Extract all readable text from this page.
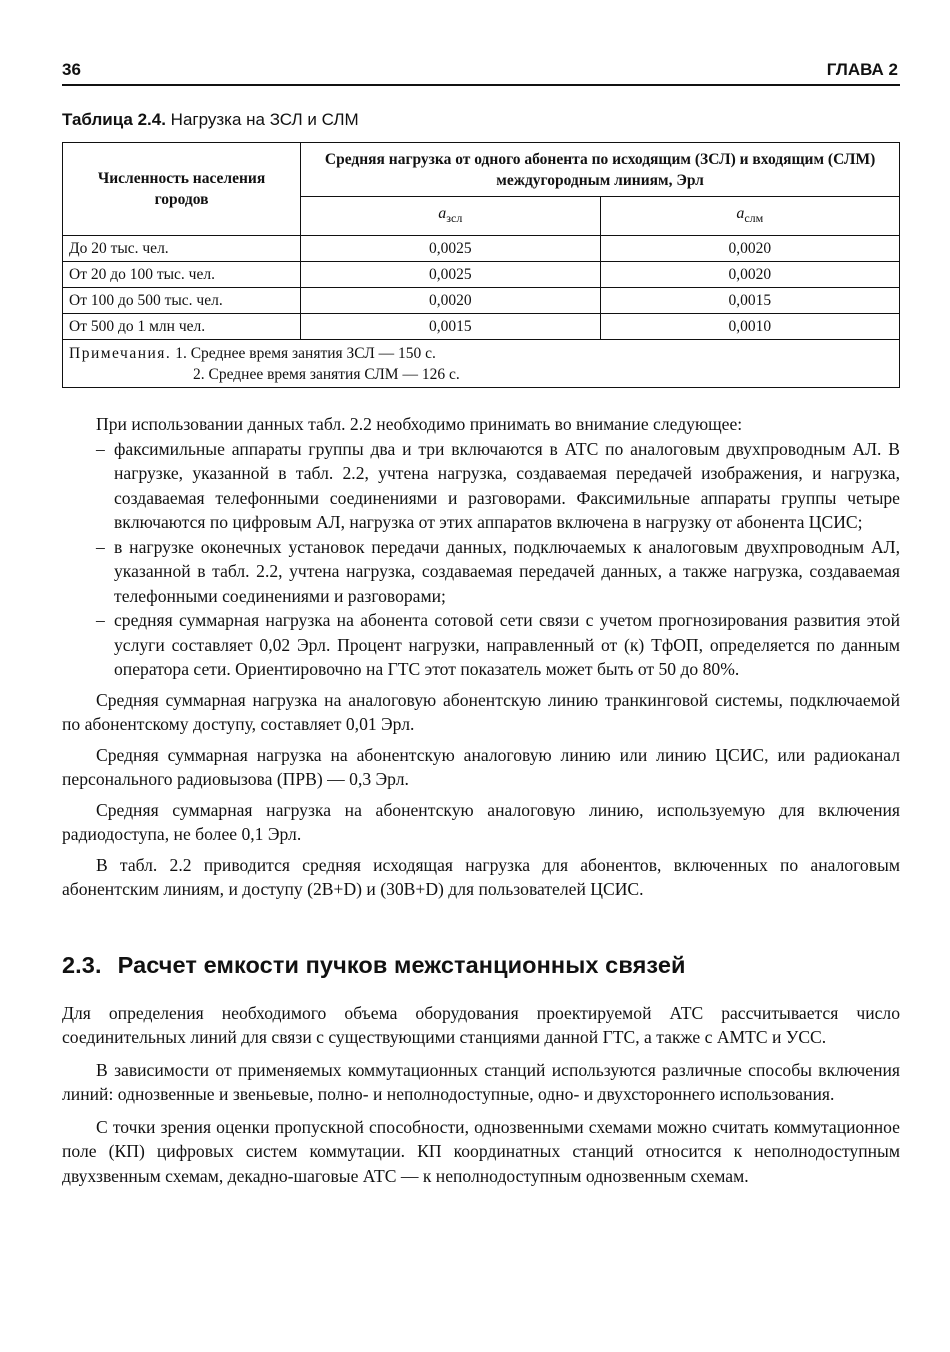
36	ГЛАВА 2
Таблица 2.4. Нагрузка на ЗСЛ и СЛМ
Численность населения городов	Средняя нагрузка от одного абонента по исходящим (ЗСЛ) и входящим (СЛМ) междугородным линиям, Эрл	
	$a_{зсл}$	$a_{слм}$
До 20 тыс. чел.	0,0025	0,0020
От 20 до 100 тыс. чел.	0,0025	0,0020
От 100 до 500 тыс. чел.	0,0020	0,0015
От 500 до 1 млн чел.	0,0015	0,0010

Примечания. 1. Среднее время занятия ЗСЛ — 150 с.
2. Среднее время занятия СЛМ — 126 с.		

При использовании данных табл. 2.2 необходимо принимать во внимание следующее:

– факсимильные аппараты группы два и три включаются в АТС по аналоговым двухпроводным АЛ. В нагрузке, указанной в табл. 2.2, учтена нагрузка, создаваемая передачей изображения, и нагрузка, создаваемая телефонными соединениями и разговорами. Факсимильные аппараты группы четыре включаются по цифровым АЛ, нагрузка от этих аппаратов включена в нагрузку от абонента ЦСИС;
– в нагрузке оконечных установок передачи данных, подключаемых к аналоговым двухпроводным АЛ, указанной в табл. 2.2, учтена нагрузка, создаваемая передачей данных, а также нагрузка, создаваемая телефонными соединениями и разговорами;
– средняя суммарная нагрузка на абонента сотовой сети связи с учетом прогнозирования развития этой услуги составляет 0,02 Эрл. Процент нагрузки, направленный от (к) ТфОП, определяется по данным оператора сети. Ориентировочно на ГТС этот показатель может быть от 50 до 80%.

Средняя суммарная нагрузка на аналоговую абонентскую линию транкинговой системы, подключаемой по абонентскому доступу, составляет 0,01 Эрл.

Средняя суммарная нагрузка на абонентскую аналоговую линию или линию ЦСИС, или радиоканал персонального радиовызова (ПРВ) — 0,3 Эрл.

Средняя суммарная нагрузка на абонентскую аналоговую линию, используемую для включения радиодоступа, не более 0,1 Эрл.

В табл. 2.2 приводится средняя исходящая нагрузка для абонентов, включенных по аналоговым абонентским линиям, и доступу (2В+D) и (30В+D) для пользователей ЦСИС.

2.3. Расчет емкости пучков межстанционных связей

Для определения необходимого объема оборудования проектируемой АТС рассчитывается число соединительных линий для связи с существующими станциями данной ГТС, а также с АМТС и УСС.

В зависимости от применяемых коммутационных станций используются различные способы включения линий: однозвенные и звеньевые, полно- и неполнодоступные, одно- и двухстороннего использования.

С точки зрения оценки пропускной способности, однозвенными схемами можно считать коммутационное поле (КП) цифровых систем коммутации. КП координатных станций относится к неполнодоступным двухзвенным схемам, декадно-шаговые АТС — к неполнодоступным однозвенным схемам.
